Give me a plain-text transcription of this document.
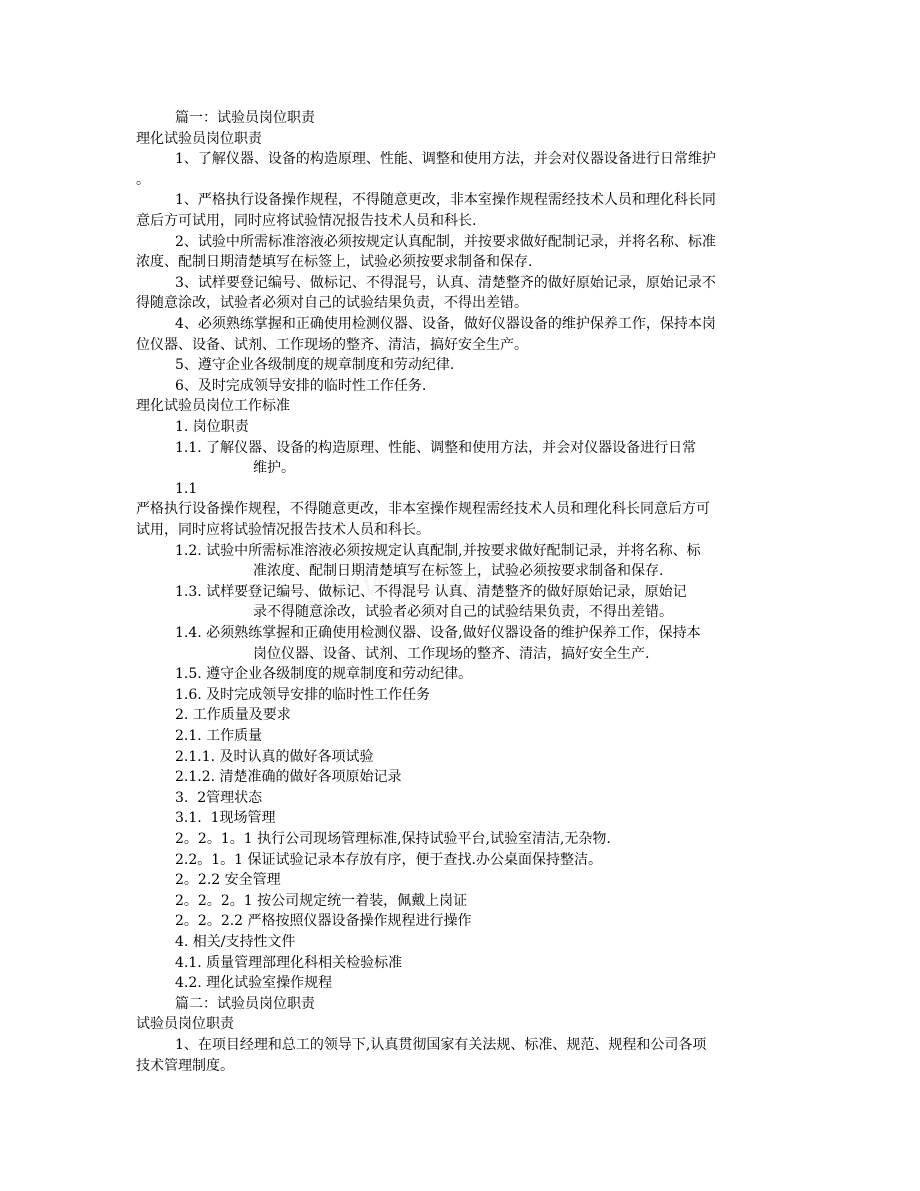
篇一：试验员岗位职责
理化试验员岗位职责
1、了解仪器、设备的构造原理、性能、调整和使用方法，并会对仪器设备进行日常维护
。
1、严格执行设备操作规程，不得随意更改，非本室操作规程需经技术人员和理化科长同
意后方可试用，同时应将试验情况报告技术人员和科长.
2、试验中所需标准溶液必须按规定认真配制，并按要求做好配制记录，并将名称、标准
浓度、配制日期清楚填写在标签上，试验必须按要求制备和保存.
3、试样要登记编号、做标记、不得混号，认真、清楚整齐的做好原始记录，原始记录不
得随意涂改，试验者必须对自己的试验结果负责，不得出差错。
4、必须熟练掌握和正确使用检测仪器、设备，做好仪器设备的维护保养工作，保持本岗
位仪器、设备、试剂、工作现场的整齐、清洁，搞好安全生产。
5、遵守企业各级制度的规章制度和劳动纪律.
6、及时完成领导安排的临时性工作任务.
理化试验员岗位工作标准
1. 岗位职责
1.1. 了解仪器、设备的构造原理、性能、调整和使用方法，并会对仪器设备进行日常
维护。
1.1
严格执行设备操作规程，不得随意更改，非本室操作规程需经技术人员和理化科长同意后方可
试用，同时应将试验情况报告技术人员和科长。
1.2. 试验中所需标准溶液必须按规定认真配制,并按要求做好配制记录，并将名称、标
准浓度、配制日期清楚填写在标签上，试验必须按要求制备和保存.
1.3. 试样要登记编号、做标记、不得混号 认真、清楚整齐的做好原始记录，原始记
录不得随意涂改，试验者必须对自己的试验结果负责，不得出差错。
1.4. 必须熟练掌握和正确使用检测仪器、设备,做好仪器设备的维护保养工作，保持本
岗位仪器、设备、试剂、工作现场的整齐、清洁，搞好安全生产.
1.5. 遵守企业各级制度的规章制度和劳动纪律。
1.6. 及时完成领导安排的临时性工作任务
2. 工作质量及要求
2.1. 工作质量
2.1.1. 及时认真的做好各项试验
2.1.2. 清楚准确的做好各项原始记录
3.  2管理状态
3.1.  1现场管理
2。2。1。1 执行公司现场管理标准,保持试验平台,试验室清洁,无杂物.
2.2。1。1 保证试验记录本存放有序，便于查找.办公桌面保持整洁。
2。2.2 安全管理
2。2。2。1 按公司规定统一着装，佩戴上岗证
2。2。2.2 严格按照仪器设备操作规程进行操作
4. 相关/支持性文件
4.1. 质量管理部理化科相关检验标准
4.2. 理化试验室操作规程
篇二：试验员岗位职责
试验员岗位职责
1、在项目经理和总工的领导下,认真贯彻国家有关法规、标准、规范、规程和公司各项
技术管理制度。
